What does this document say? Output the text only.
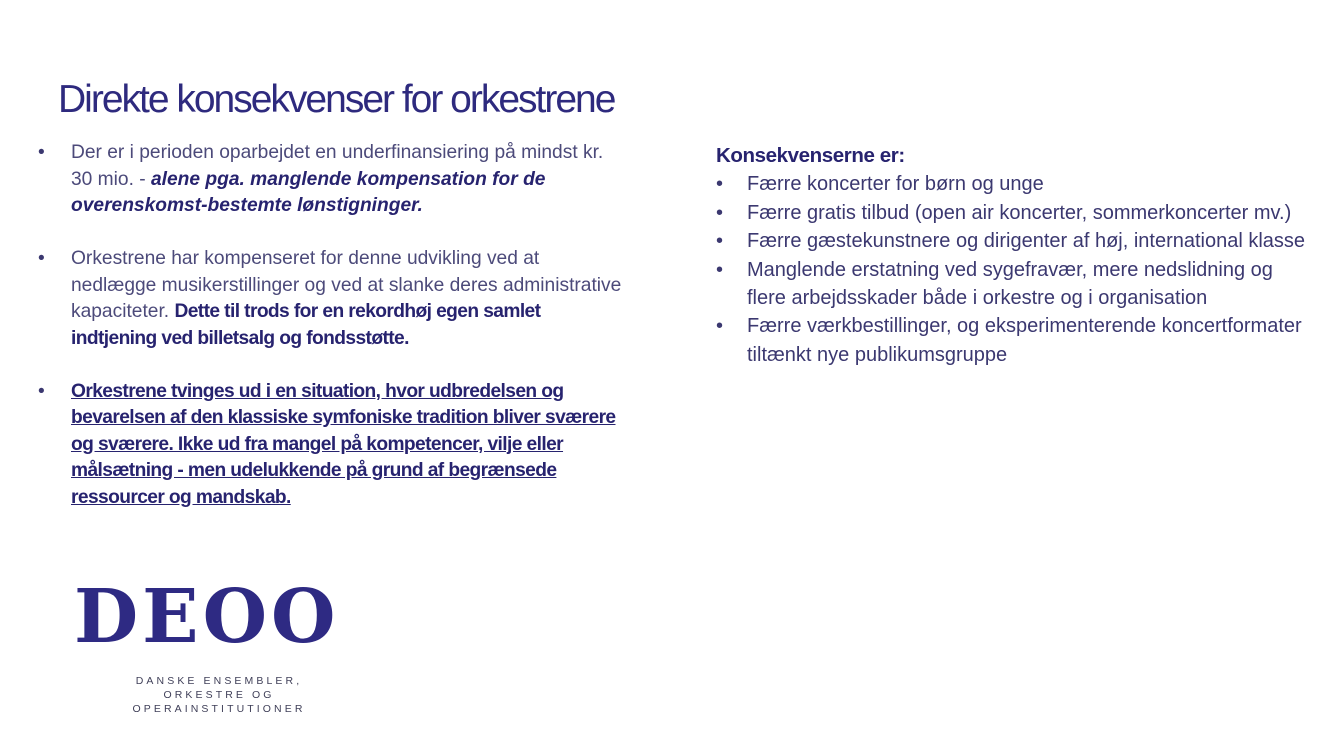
Direkte konsekvenser for orkestrene
•	Der er i perioden oparbejdet en underfinansiering på mindst kr. 30 mio. - alene pga. manglende kompensation for de overenskomst-bestemte lønstigninger.
•	Orkestrene har kompenseret for denne udvikling ved at nedlægge musikerstillinger og ved at slanke deres administrative kapaciteter. Dette til trods for en rekordhøj egen samlet indtjening ved billetsalg og fondsstøtte.
•	Orkestrene tvinges ud i en situation, hvor udbredelsen og bevarelsen af den klassiske symfoniske tradition bliver sværere og sværere. Ikke ud fra mangel på kompetencer, vilje eller målsætning - men udelukkende på grund af begrænsede ressourcer og mandskab.
Konsekvenserne er:
•	Færre koncerter for børn og unge
•	Færre gratis tilbud (open air koncerter, sommerkoncerter mv.)
•	Færre gæstekunstnere og dirigenter af høj, international klasse
•	Manglende erstatning ved sygefravær, mere nedslidning og flere arbejdsskader både i orkestre og i organisation
•	Færre værkbestillinger, og eksperimenterende koncertformater tiltænkt nye publikumsgruppe
DEOO
DANSKE ENSEMBLER,
ORKESTRE OG OPERAINSTITUTIONER
